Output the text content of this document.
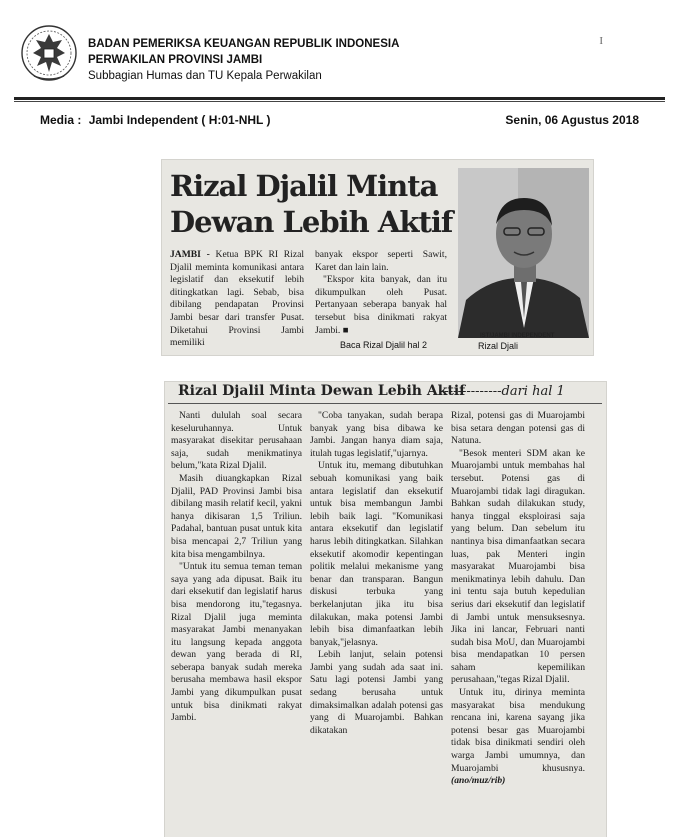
BADAN PEMERIKSA KEUANGAN REPUBLIK INDONESIA
PERWAKILAN PROVINSI JAMBI
Subbagian Humas dan TU Kepala Perwakilan
I
Media : Jambi Independent ( H:01-NHL )	Senin, 06 Agustus 2018
Rizal Djalil Minta
Dewan Lebih Aktif

JAMBI - Ketua BPK RI Rizal Djalil meminta komunikasi antara legislatif dan eksekutif lebih ditingkatkan lagi. Sebab, bisa dibilang pendapatan Provinsi Jambi besar dari transfer Pusat. Diketahui Provinsi Jambi memiliki

banyak ekspor seperti Sawit, Karet dan lain lain.

"Ekspor kita banyak, dan itu dikumpulkan oleh Pusat. Pertanyaan seberapa banyak hal tersebut bisa dinikmati rakyat Jambi. ■

Baca Rizal Djalil hal 2
IST/JAMBI INDEPENDENT
Rizal Djali
Rizal Djalil Minta Dewan Lebih Aktif
--------------dari hal 1

Nanti dululah soal secara keseluruhannya. Untuk masyarakat disekitar perusahaan saja, sudah menikmatinya belum,"kata Rizal Djalil.

Masih diuangkapkan Rizal Djalil, PAD Provinsi Jambi bisa dibilang masih relatif kecil, yakni hanya dikisaran 1,5 Triliun. Padahal, bantuan pusat untuk kita bisa mencapai 2,7 Triliun yang kita bisa mengambilnya.

"Untuk itu semua teman teman saya yang ada dipusat. Baik itu dari eksekutif dan legislatif harus bisa mendorong itu,"tegasnya. Rizal Djalil juga meminta masyarakat Jambi menanyakan itu langsung kepada anggota dewan yang berada di RI, seberapa banyak sudah mereka berusaha membawa hasil ekspor Jambi yang dikumpulkan pusat untuk bisa dinikmati rakyat Jambi.

"Coba tanyakan, sudah berapa banyak yang bisa dibawa ke Jambi. Jangan hanya diam saja, itulah tugas legislatif,"ujarnya.

Untuk itu, memang dibutuhkan sebuah komunikasi yang baik antara legislatif dan eksekutif untuk bisa membangun Jambi lebih baik lagi. "Komunikasi antara eksekutif dan legislatif harus lebih ditingkatkan. Silahkan eksekutif akomodir kepentingan politik melalui mekanisme yang benar dan transparan. Bangun diskusi terbuka yang berkelanjutan jika itu bisa dilakukan, maka potensi Jambi lebih bisa dimanfaatkan lebih banyak,"jelasnya.

Lebih lanjut, selain potensi Jambi yang sudah ada saat ini. Satu lagi potensi Jambi yang sedang berusaha untuk dimaksimalkan adalah potensi gas yang di Muarojambi. Bahkan dikatakan

Rizal, potensi gas di Muarojambi bisa setara dengan potensi gas di Natuna.

"Besok menteri SDM akan ke Muarojambi untuk membahas hal tersebut. Potensi gas di Muarojambi tidak lagi diragukan. Bahkan sudah dilakukan study, hanya tinggal eksploirasi saja yang belum. Dan sebelum itu nantinya bisa dimanfaatkan secara luas, pak Menteri ingin masyarakat Muarojambi bisa menikmatinya lebih dahulu. Dan ini tentu saja butuh kepedulian serius dari eksekutif dan legislatif di Jambi untuk mensuksesnya. Jika ini lancar, Februari nanti sudah bisa MoU, dan Muarojambi bisa mendapatkan 10 persen saham kepemilikan perusahaan,"tegas Rizal Djalil.

Untuk itu, dirinya meminta masyarakat bisa mendukung rencana ini, karena sayang jika potensi besar gas Muarojambi tidak bisa dinikmati sendiri oleh warga Jambi umumnya, dan Muarojambi khususnya. (ano/muz/rib)
